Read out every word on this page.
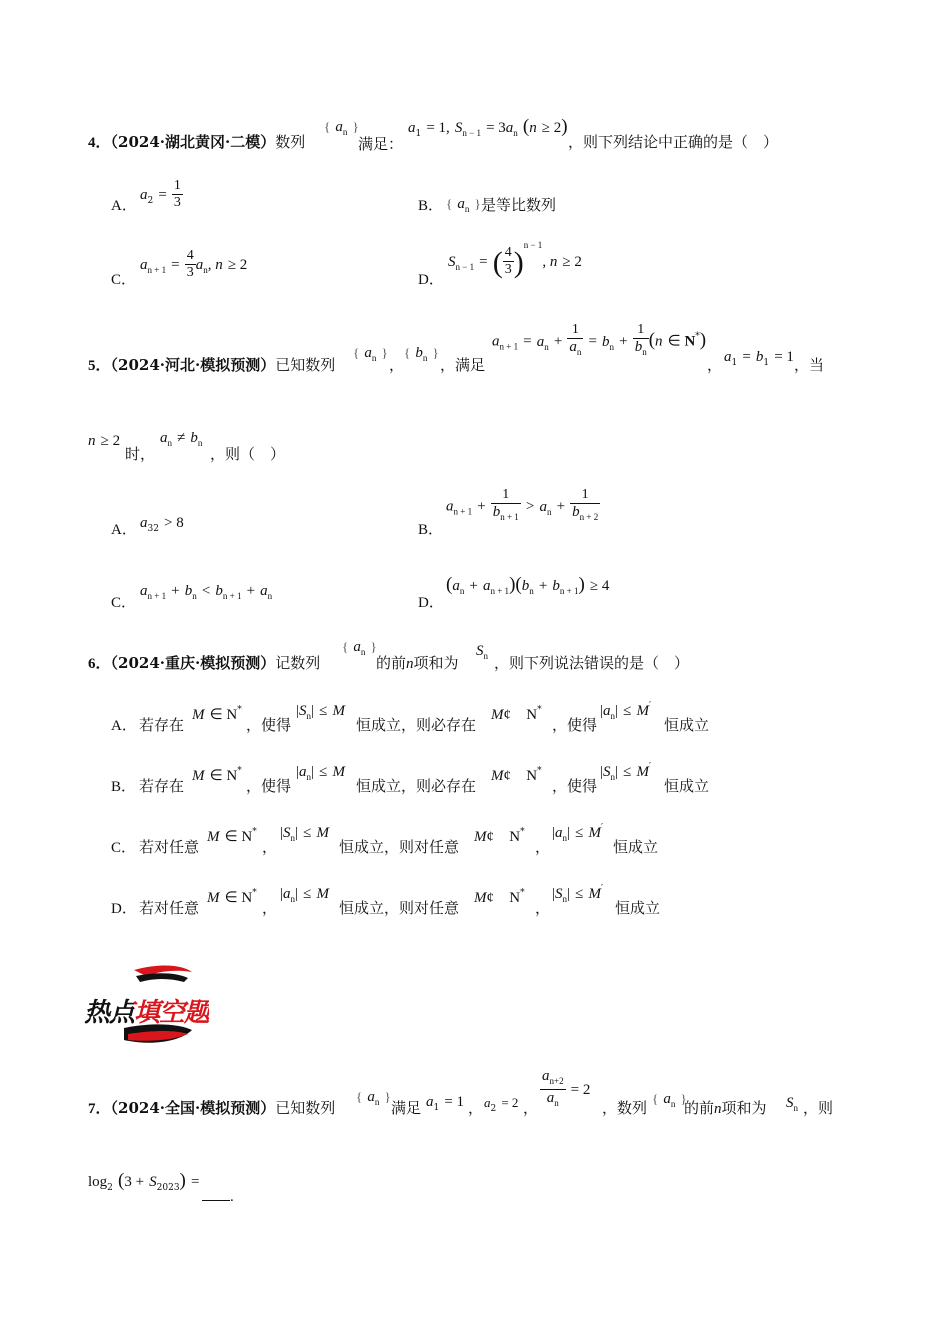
4．（2024·湖北黄冈·二模）数列
{ $a_n$ }
满足：
$a_1 = 1$, $S_{n - 1} = 3a_n$ (n ≥ 2)
，则下列结论中正确的是（　）
A．
$a_2 = \frac{1}{3}$	B． { $a_n$ } 是等比数列
C．
$a_{n + 1} = \frac{4}{3} a_n$, n ≥ 2
D．
$S_{n - 1}$ = ( $\frac{4}{3} )^{n - 1}$, n ≥ 2
5．（2024·河北·模拟预测）已知数列
{ $a_n$ }
，
{ $b_n$ }
，满足
$a_{n + 1} = a_n + \frac{1}{a_n} = b_n + \frac{1}{b_n} (n$ ∈ N*)
， $a_1 = b_1 = 1$ ，当
n ≥ 2
时，
$a_n \ne b_n$
，则（　）
A． $a_{32} > 8$	B．
$a_{n + 1} + \frac{1}{b_{n + 1}} > a_n + \frac{1}{b_{n + 2}}$
C．
$a_{n + 1} + b_n < b_{n + 1} + a_n$	D．
$(a_n + a_{n + 1})(b_n + b_{n + 1}) \ge 4$
6．（2024·重庆·模拟预测）记数列
{ $a_n$ }
的前n项和为
$S_n$ ，则下列说法错误的是（　）
A． 若存在
M ∈ N*
，使得
$|S_n| \le M$
恒成立，则必存在
M¢ N*
，使得
$|a_n| \le M'$
恒成立
B． 若存在
M ∈ N*
，使得
$|a_n| \le M$
恒成立，则必存在
M¢ N*
，使得
$|S_n| \le M'$
恒成立
C． 若对任意
M ∈ N*
，
$|S_n| \le M$
恒成立，则对任意
M¢ N*
，
$|a_n| \le M'$
恒成立
D． 若对任意
M ∈ N*
，
$|a_n| \le M$
恒成立，则对任意
M¢ N*
，
$|S_n| \le M'$
恒成立
热点填空题
7．（2024·全国·模拟预测）已知数列
{ $a_n$ }
满足 $a_1 = 1$ ， $a_2 = 2$ ， $\frac{a_{n+2}}{a_n} = 2$
，数列
{ $a_n$ }
的前n项和为 $S_n$ ，则
$\log_2 (3 + S_{2023})$ =
.
